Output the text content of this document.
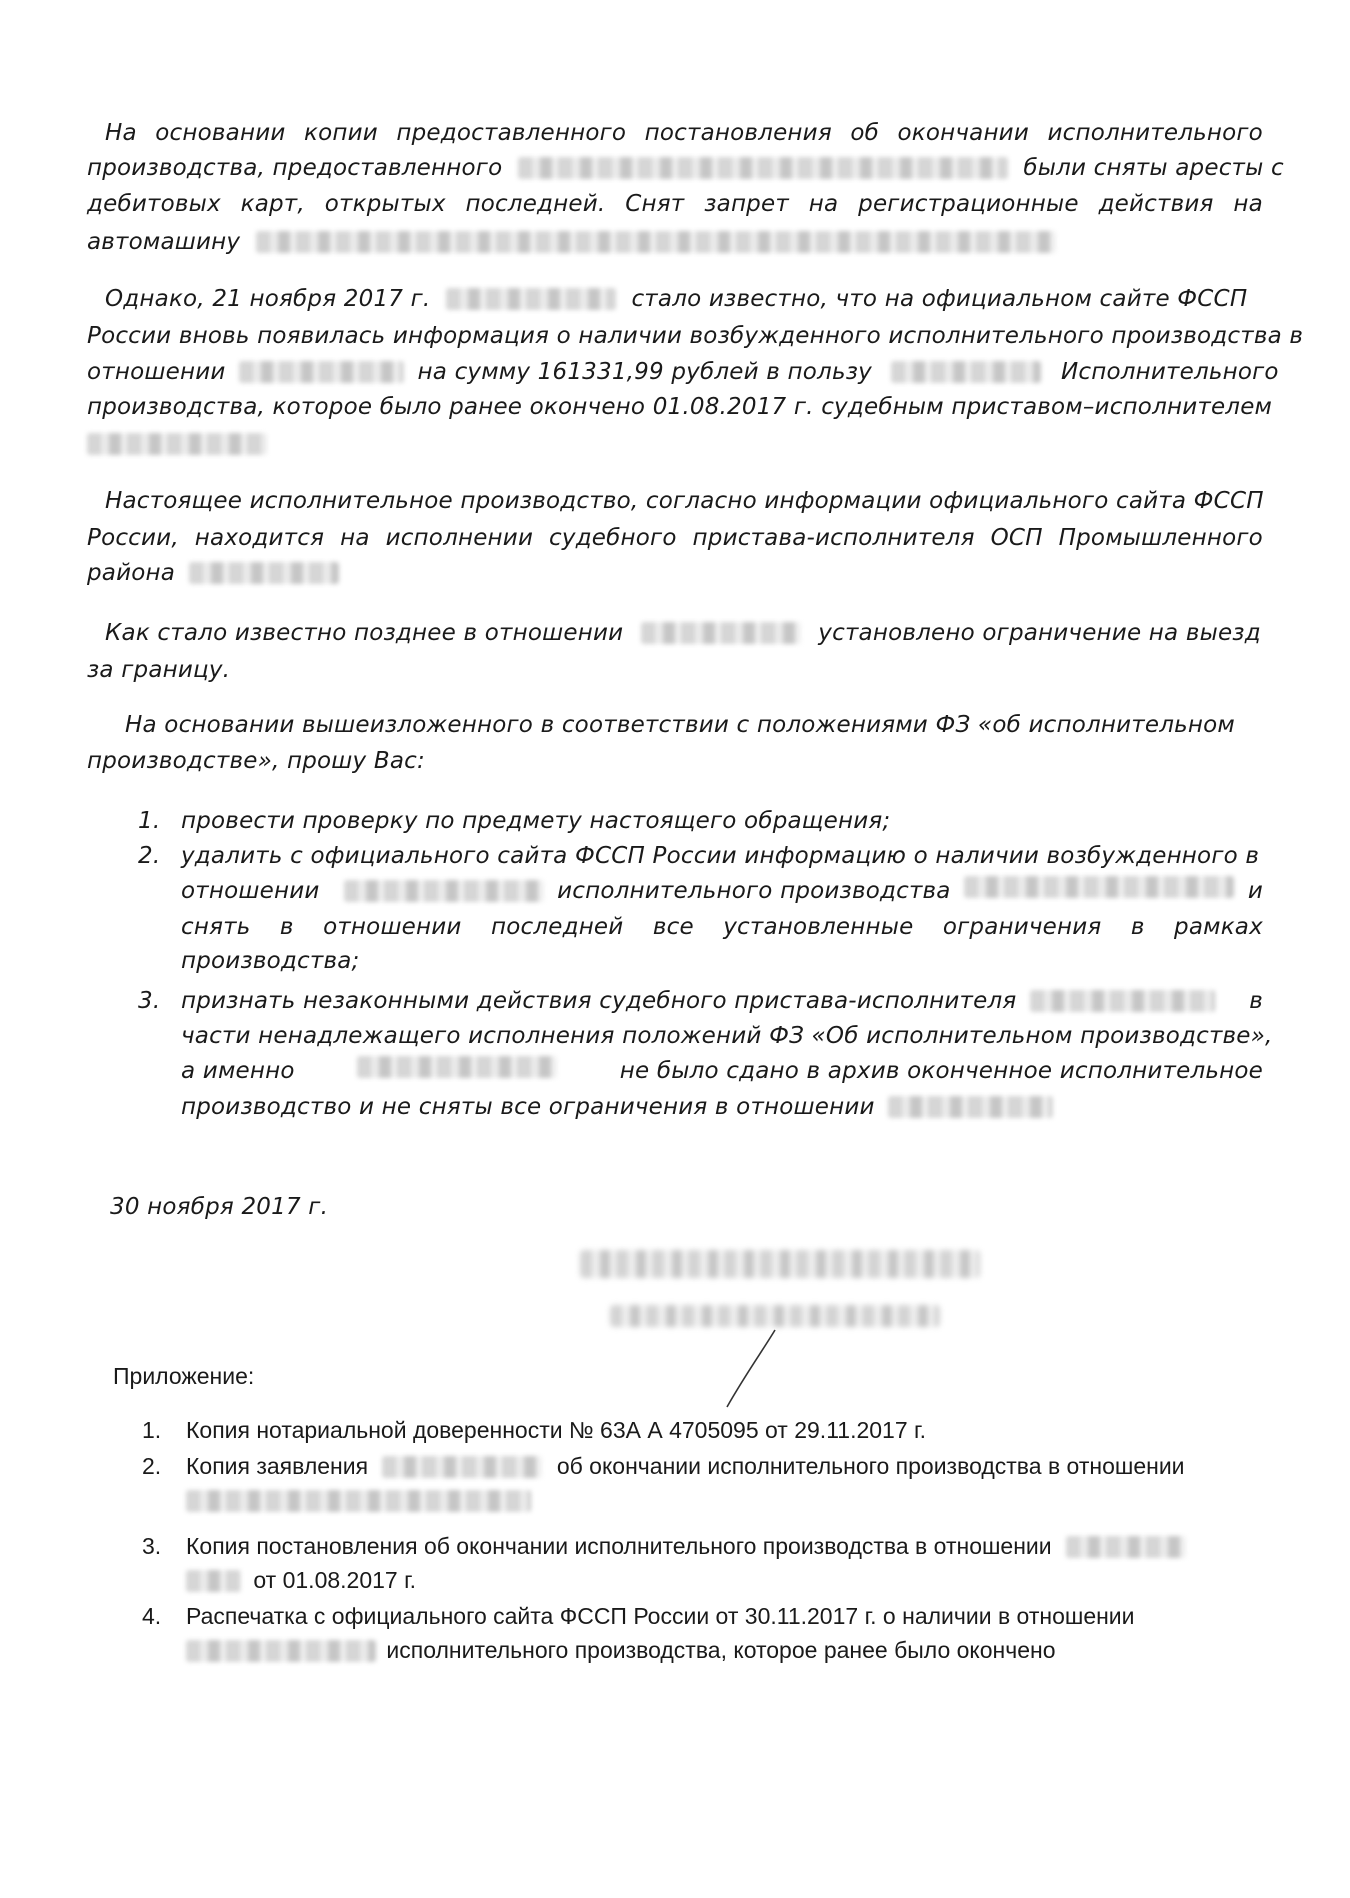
На основании копии предоставленного постановления об окончании исполнительного
производства, предоставленного	были сняты аресты с
дебитовых карт, открытых последней. Снят запрет на регистрационные действия на
автомашину
Однако, 21 ноября 2017 г.	стало известно, что на официальном сайте ФССП
России вновь появилась информация о наличии возбужденного исполнительного производства в
отношении	на сумму 161331,99 рублей в пользу	Исполнительного
производства, которое было ранее окончено 01.08.2017 г. судебным приставом–исполнителем
Настоящее исполнительное производство, согласно информации официального сайта ФССП
России, находится на исполнении судебного пристава-исполнителя ОСП Промышленного
района
Как стало известно позднее в отношении	установлено ограничение на выезд
за границу.
На основании вышеизложенного в соответствии с положениями ФЗ «об исполнительном
производстве», прошу Вас:
1. провести проверку по предмету настоящего обращения;
2. удалить с официального сайта ФССП России информацию о наличии возбужденного в
отношении	исполнительного производства	и
снять в отношении последней все установленные ограничения в рамках
производства;
3. признать незаконными действия судебного пристава-исполнителя	в
части ненадлежащего исполнения положений ФЗ «Об исполнительном производстве»,
а именно	не было сдано в архив оконченное исполнительное
производство и не сняты все ограничения в отношении
30 ноября 2017 г.
Приложение:
1.	Копия нотариальной доверенности № 63А А 4705095 от 29.11.2017 г.
2.	Копия заявления	об окончании исполнительного производства в отношении
3.	Копия постановления об окончании исполнительного производства в отношении
от 01.08.2017 г.
4.	Распечатка с официального сайта ФССП России от 30.11.2017 г. о наличии в отношении
исполнительного производства, которое ранее было окончено
